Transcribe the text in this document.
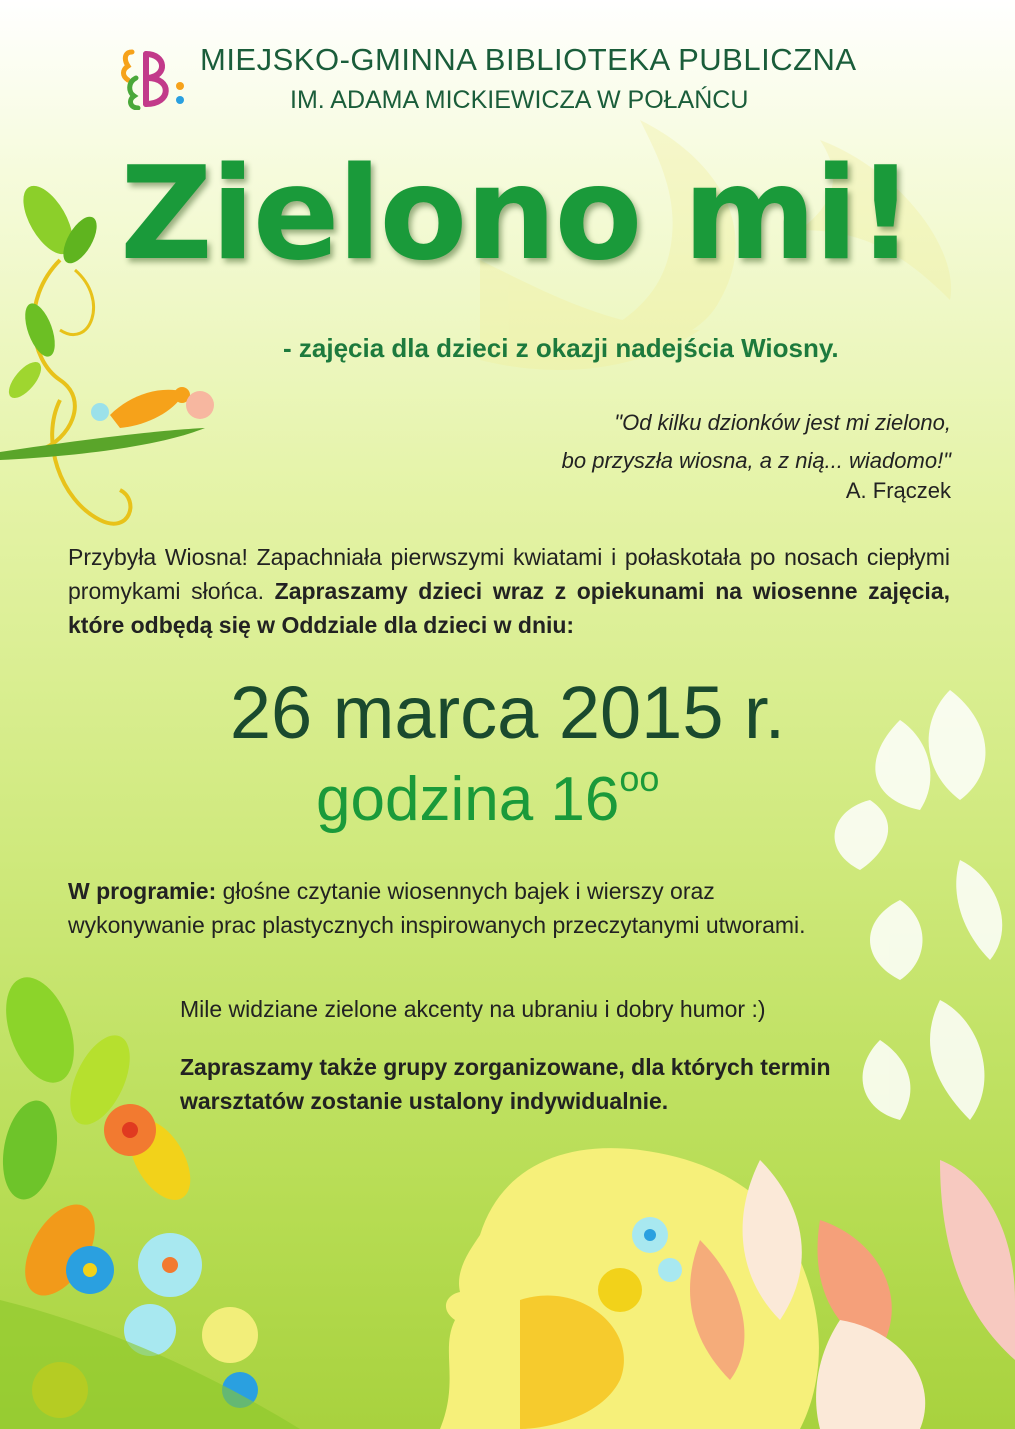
MIEJSKO-GMINNA BIBLIOTEKA PUBLICZNA
IM. ADAMA MICKIEWICZA W POŁAŃCU
Zielono mi!
- zajęcia dla dzieci z okazji nadejścia Wiosny.
"Od kilku dzionków jest mi zielono,
bo przyszła wiosna, a z nią... wiadomo!"
A. Frączek
Przybyła Wiosna! Zapachniała pierwszymi kwiatami i połaskotała po nosach ciepłymi promykami słońca. Zapraszamy dzieci wraz z opiekunami na wiosenne zajęcia, które odbędą się w Oddziale dla dzieci w dniu:
26 marca 2015 r.
godzina $16^{oo}$
W programie: głośne czytanie wiosennych bajek i wierszy oraz wykonywanie prac plastycznych inspirowanych przeczytanymi utworami.
Mile widziane zielone akcenty na ubraniu i dobry humor :)
Zapraszamy także grupy zorganizowane, dla których termin warsztatów zostanie ustalony indywidualnie.
